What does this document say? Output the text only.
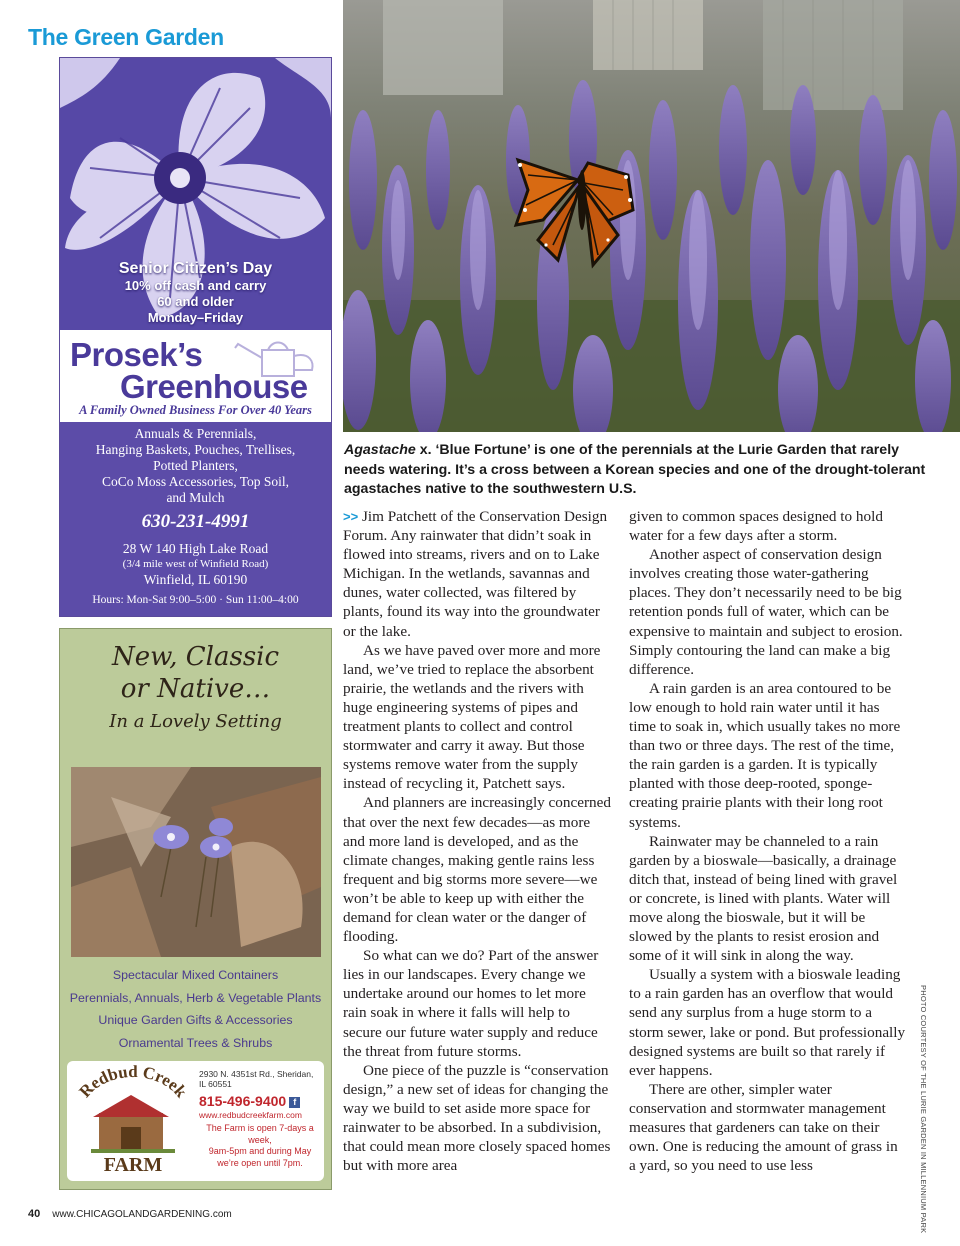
The Green Garden
Agastache x. ‘Blue Fortune’ is one of the perennials at the Lurie Garden that rarely needs watering. It’s a cross between a Korean species and one of the drought-tolerant agastaches native to the southwestern U.S.

>> Jim Patchett of the Conservation Design Forum. Any rainwater that didn’t soak in flowed into streams, rivers and on to Lake Michigan. In the wetlands, savannas and dunes, water collected, was filtered by plants, found its way into the groundwater or the lake.

As we have paved over more and more land, we’ve tried to replace the absorbent prairie, the wetlands and the rivers with huge engineering systems of pipes and treatment plants to collect and control stormwater and carry it away. But those systems remove water from the supply instead of recycling it, Patchett says.

And planners are increasingly concerned that over the next few decades—as more and more land is developed, and as the climate changes, making gentle rains less frequent and big storms more severe—we won’t be able to keep up with either the demand for clean water or the danger of flooding.

So what can we do? Part of the answer lies in our landscapes. Every change we undertake around our homes to let more rain soak in where it falls will help to secure our future water supply and reduce the threat from future storms.

One piece of the puzzle is “conservation design,” a new set of ideas for changing the way we build to set aside more space for rainwater to be absorbed. In a subdivision, that could mean more closely spaced homes but with more area

given to common spaces designed to hold water for a few days after a storm.

Another aspect of conservation design involves creating those water-gathering places. They don’t necessarily need to be big retention ponds full of water, which can be expensive to maintain and subject to erosion. Simply contouring the land can make a big difference.

A rain garden is an area contoured to be low enough to hold rain water until it has time to soak in, which usually takes no more than two or three days. The rest of the time, the rain garden is a garden. It is typically planted with those deep-rooted, sponge-creating prairie plants with their long root systems.

Rainwater may be channeled to a rain garden by a bioswale—basically, a drainage ditch that, instead of being lined with gravel or concrete, is lined with plants. Water will move along the bioswale, but it will be slowed by the plants to resist erosion and some of it will sink in along the way.

Usually a system with a bioswale leading to a rain garden has an overflow that would send any surplus from a huge storm to a storm sewer, lake or pond. But professionally designed systems are built so that rarely if ever happens.

There are other, simpler water conservation and stormwater management measures that gardeners can take on their own. One is reducing the amount of grass in a yard, so you need to use less	PHOTO COURTESY OF THE LURIE GARDEN IN MILLENNIUM PARK
Senior Citizen’s Day
10% off cash and carry
60 and older
Monday–Friday
Prosek’s
Greenhouse
A Family Owned Business For Over 40 Years
Annuals & Perennials,
Hanging Baskets, Pouches, Trellises,
Potted Planters,
CoCo Moss Accessories, Top Soil,
and Mulch
630-231-4991
28 W 140 High Lake Road
(3/4 mile west of Winfield Road)
Winfield, IL 60190
Hours: Mon-Sat 9:00–5:00 · Sun 11:00–4:00
New, Classic
or Native…
In a Lovely Setting
Spectacular Mixed Containers
Perennials, Annuals, Herb & Vegetable Plants
Unique Garden Gifts & Accessories
Ornamental Trees & Shrubs
Redbud Creek
FARM
2930 N. 4351st Rd., Sheridan, IL 60551
815-496-9400 f
www.redbudcreekfarm.com
The Farm is open 7-days a week,
9am-5pm and during May
we’re open until 7pm.
40 www.CHICAGOLANDGARDENING.com
